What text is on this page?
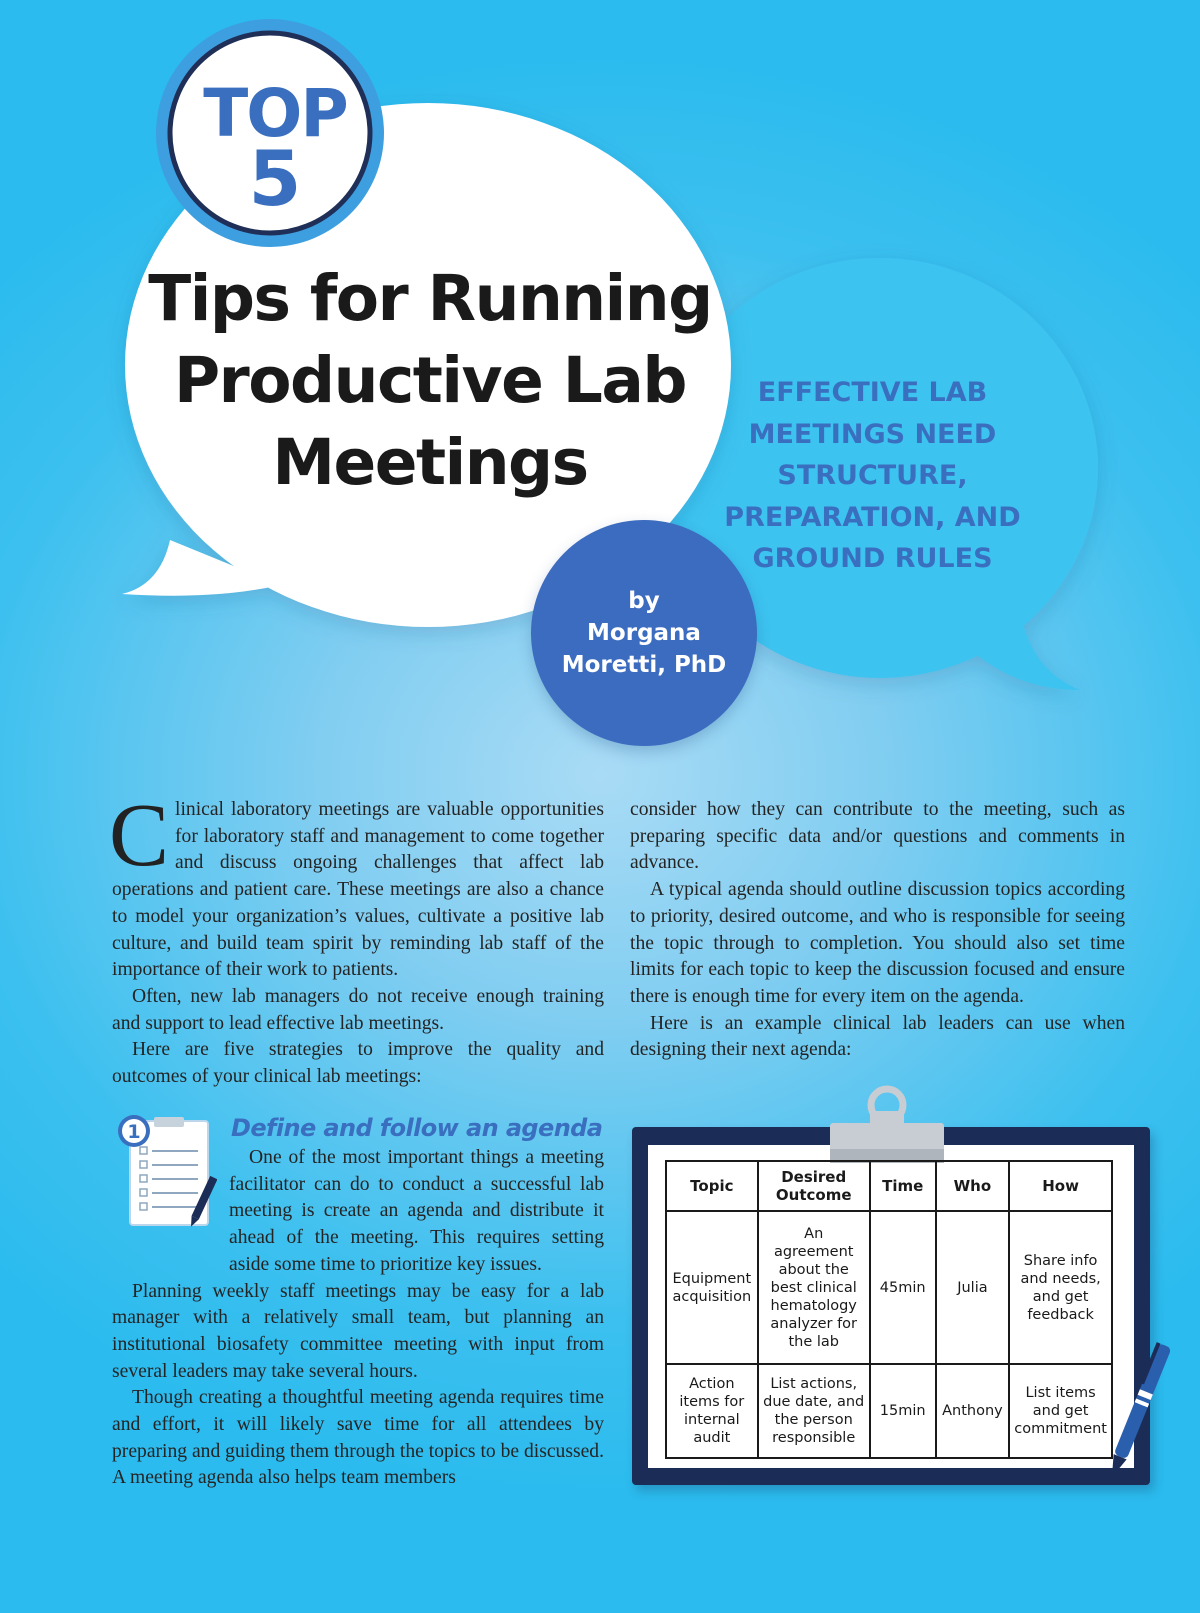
TOP
5
Tips for Running
Productive Lab
Meetings
EFFECTIVE LAB
MEETINGS NEED
STRUCTURE,
PREPARATION, AND
GROUND RULES
by
Morgana
Moretti, PhD

Clinical laboratory meetings are valuable opportunities for laboratory staff and management to come together and discuss ongoing challenges that affect lab operations and patient care. These meetings are also a chance to model your organization’s values, cultivate a positive lab culture, and build team spirit by reminding lab staff of the importance of their work to patients.

Often, new lab managers do not receive enough training and support to lead effective lab meetings.

Here are five strategies to improve the quality and outcomes of your clinical lab meetings:

1	Define and follow an agenda

One of the most important things a meeting facilitator can do to conduct a successful lab meeting is create an agenda and distribute it ahead of the meeting. This requires setting aside some time to prioritize key issues.

Planning weekly staff meetings may be easy for a lab manager with a relatively small team, but planning an institutional biosafety committee meeting with input from several leaders may take several hours.

Though creating a thoughtful meeting agenda requires time and effort, it will likely save time for all attendees by preparing and guiding them through the topics to be discussed. A meeting agenda also helps team members

consider how they can contribute to the meeting, such as preparing specific data and/or questions and comments in advance.

A typical agenda should outline discussion topics according to priority, desired outcome, and who is responsible for seeing the topic through to completion. You should also set time limits for each topic to keep the discussion focused and ensure there is enough time for every item on the agenda.

Here is an example clinical lab leaders can use when designing their next agenda:

Topic	Desired Outcome	Time	Who	How
Equipment acquisition	An agreement about the best clinical hematology analyzer for the lab	45min	Julia	Share info and needs, and get feedback
Action items for internal audit	List actions, due date, and the person responsible	15min	Anthony	List items and get commitment
